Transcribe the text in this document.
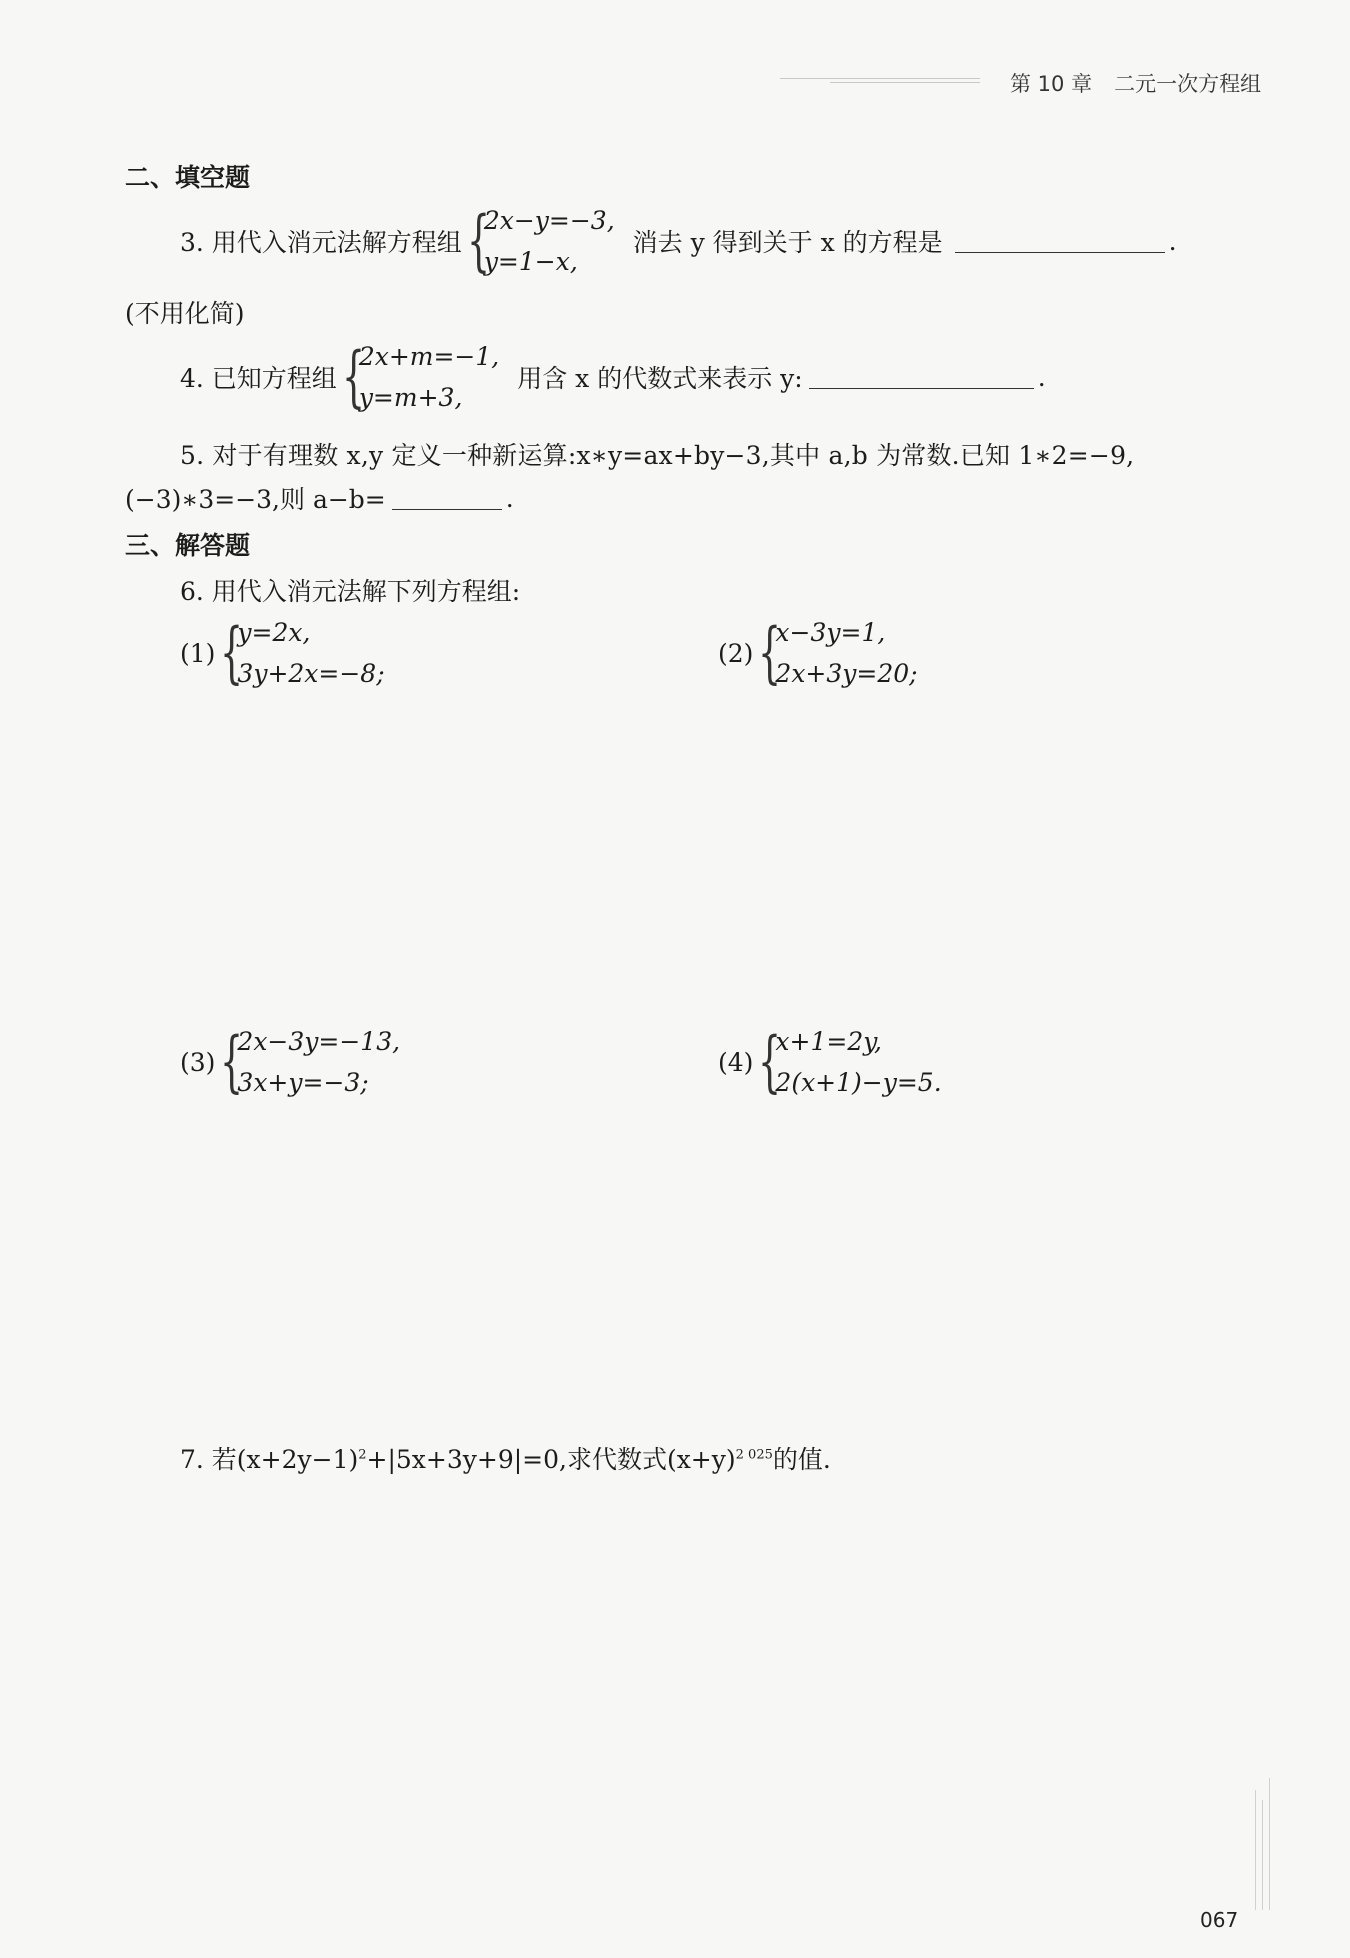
第 10 章 二元一次方程组
二、填空题
3. 用代入消元法解方程组 {
2x−y=−3,
y=1−x,
消去 y 得到关于 x 的方程是	.
(不用化简)
4. 已知方程组 {
2x+m=−1,
y=m+3,
用含 x 的代数式来表示 y:	.
5. 对于有理数 x,y 定义一种新运算:x∗y=ax+by−3,其中 a,b 为常数.已知 1∗2=−9,
(−3)∗3=−3,则 a−b=	.
三、解答题
6. 用代入消元法解下列方程组:
(1) {
y=2x,
3y+2x=−8;
(2) {
x−3y=1,
2x+3y=20;
(3) {
2x−3y=−13,
3x+y=−3;
(4) {
x+1=2y,
2(x+1)−y=5.
7. 若$(x+2y-1)^2+|5x+3y+9|=0$,求代数式$(x+y)^{2 025}$的值.
067
